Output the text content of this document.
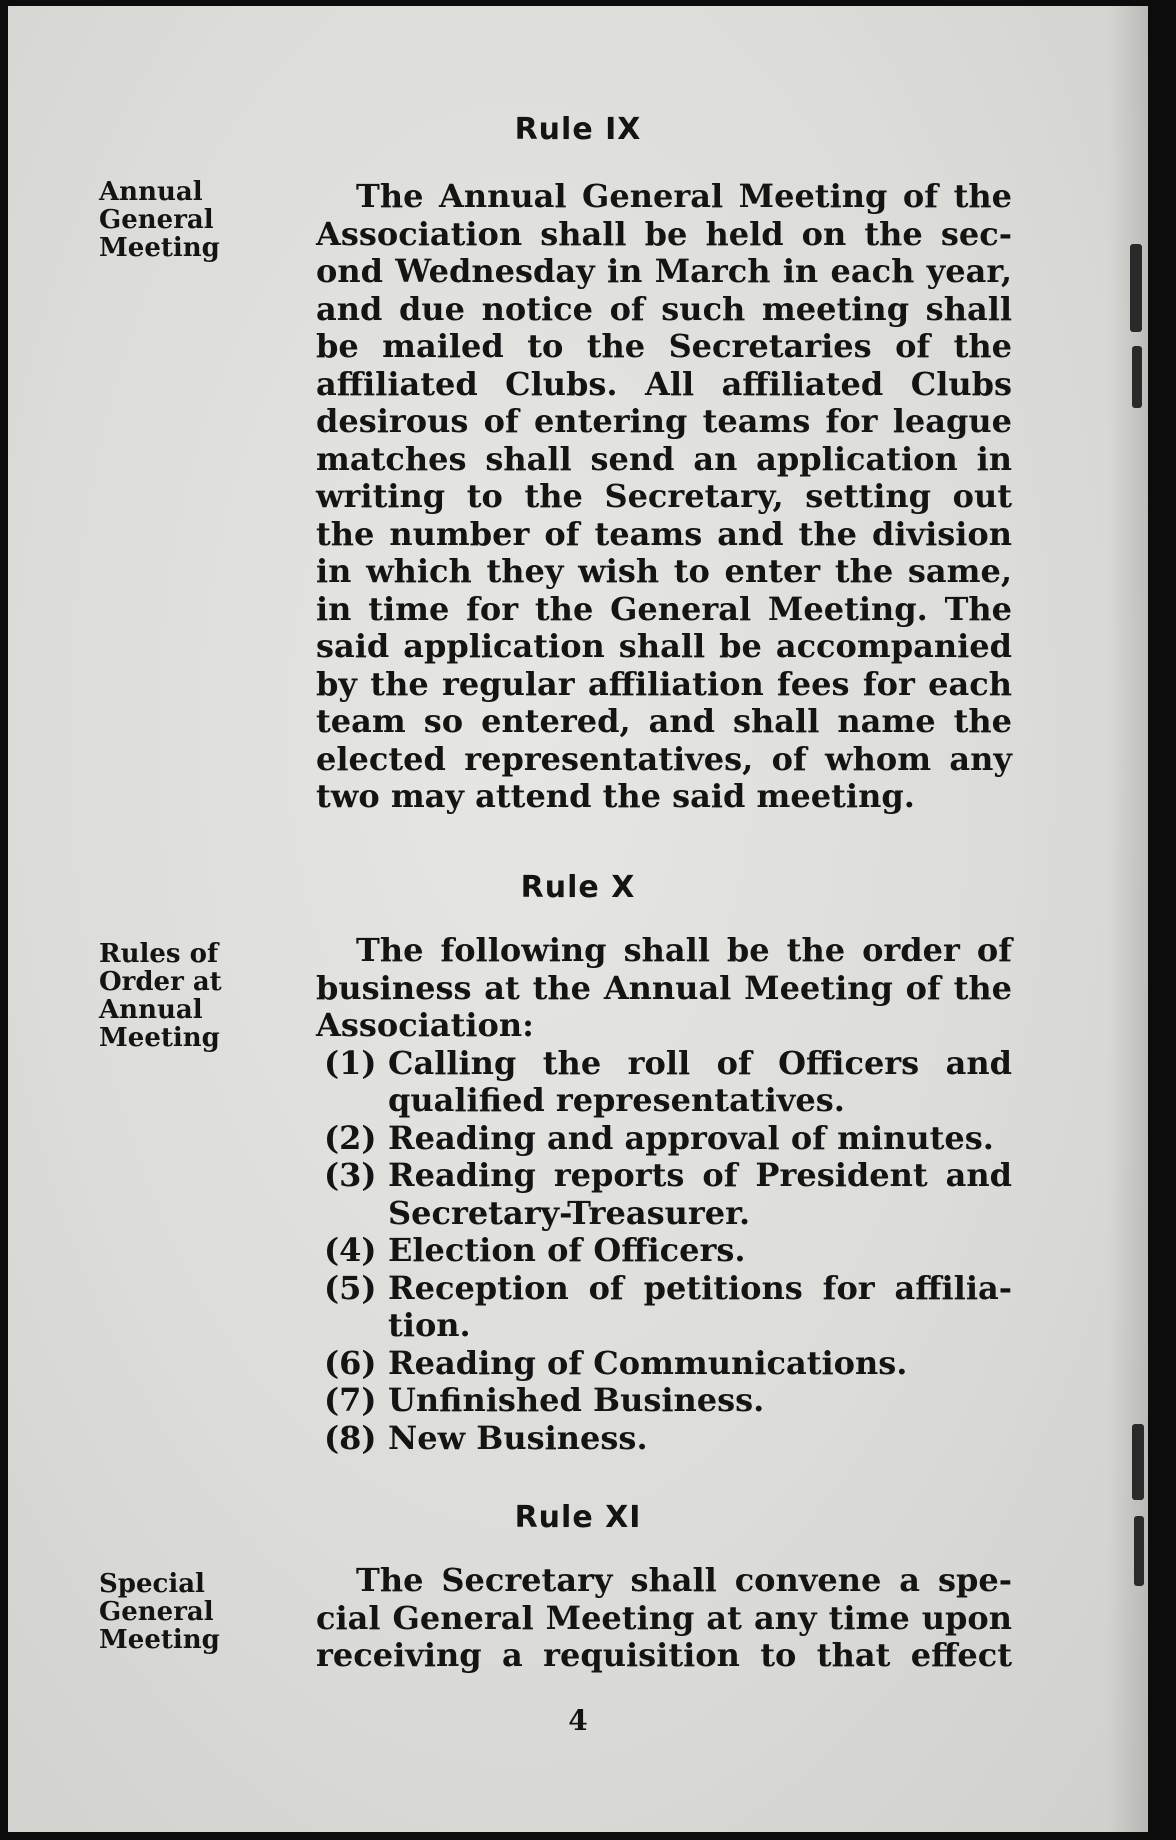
Rule IX
Annual
General
Meeting

The Annual General Meeting of the
Association shall be held on the sec-
ond Wednesday in March in each year,
and due notice of such meeting shall
be mailed to the Secretaries of the
affiliated Clubs. All affiliated Clubs
desirous of entering teams for league
matches shall send an application in
writing to the Secretary, setting out
the number of teams and the division
in which they wish to enter the same,
in time for the General Meeting. The
said application shall be accompanied
by the regular affiliation fees for each
team so entered, and shall name the
elected representatives, of whom any
two may attend the said meeting.

Rule X
Rules of
Order at
Annual
Meeting

The following shall be the order of
business at the Annual Meeting of the
Association:

(1) Calling the roll of Officers and
qualified representatives.
(2) Reading and approval of minutes.
(3) Reading reports of President and
Secretary-Treasurer.
(4) Election of Officers.
(5) Reception of petitions for affilia-
tion.
(6) Reading of Communications.
(7) Unfinished Business.
(8) New Business.
Rule XI
Special
General
Meeting

The Secretary shall convene a spe-
cial General Meeting at any time upon
receiving a requisition to that effect

4
